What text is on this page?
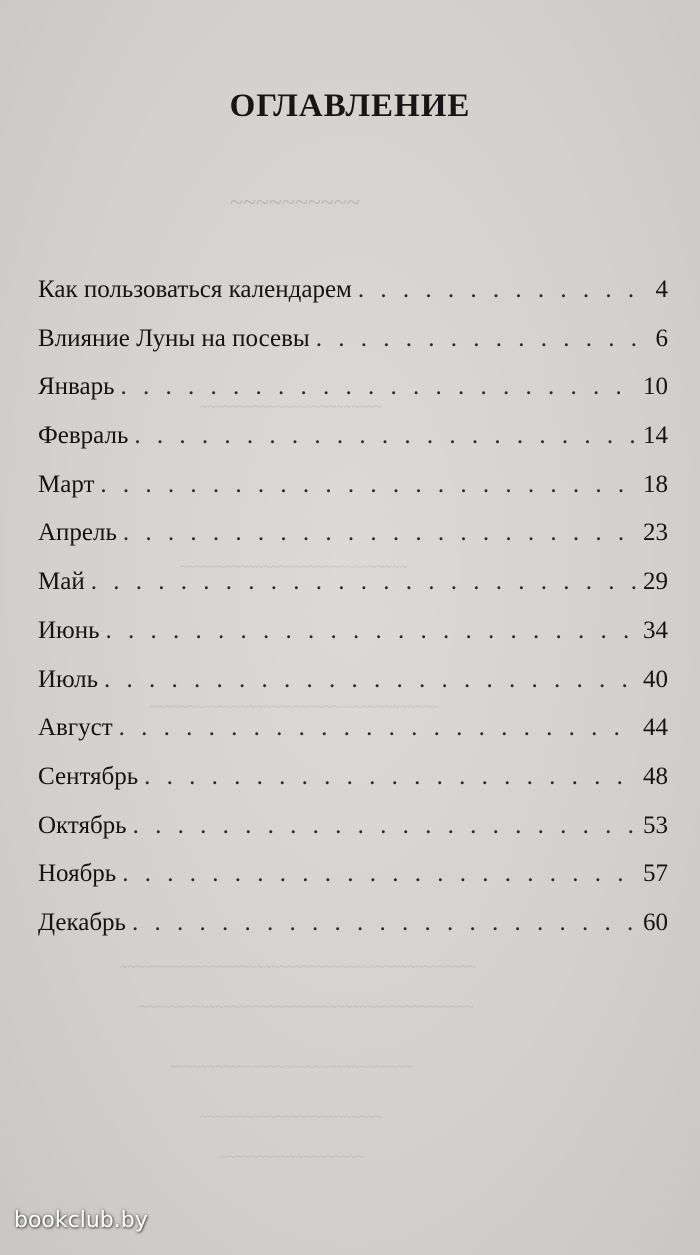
~~~~~~~~~~
~~~~~~~~~~~~~~~~~~~~~~~~
~~~~~~~~~~~~~~~~~~~~~~~~~~~~~~
~~~~~~~~~~~~~~~~~~~~~~~~~~~~~~~~~~~~~~
~~~~~~~~~~~~~~~~~~~~~~~~~~~~~~~~~~~~~~~~~~~~~~~
~~~~~~~~~~~~~~~~~~~~~~~~~~~~~~~~~~~~~~~~~~~~
~~~~~~~~~~~~~~~~~~~~~~~~~~~~~~~~
~~~~~~~~~~~~~~~~~~~~~~~~
~~~~~~~~~~~~~~~~~~~
ОГЛАВЛЕНИЕ
Как пользоваться календарем . . .	4
Влияние Луны на посевы . . .	6
Январь . . .	10
Февраль . . .	14
Март . . .	18
Апрель . . .	23
Май . . .	29
Июнь . . .	34
Июль . . .	40
Август . . .	44
Сентябрь . . .	48
Октябрь . . .	53
Ноябрь . . .	57
Декабрь . . .	60
bookclub.by
